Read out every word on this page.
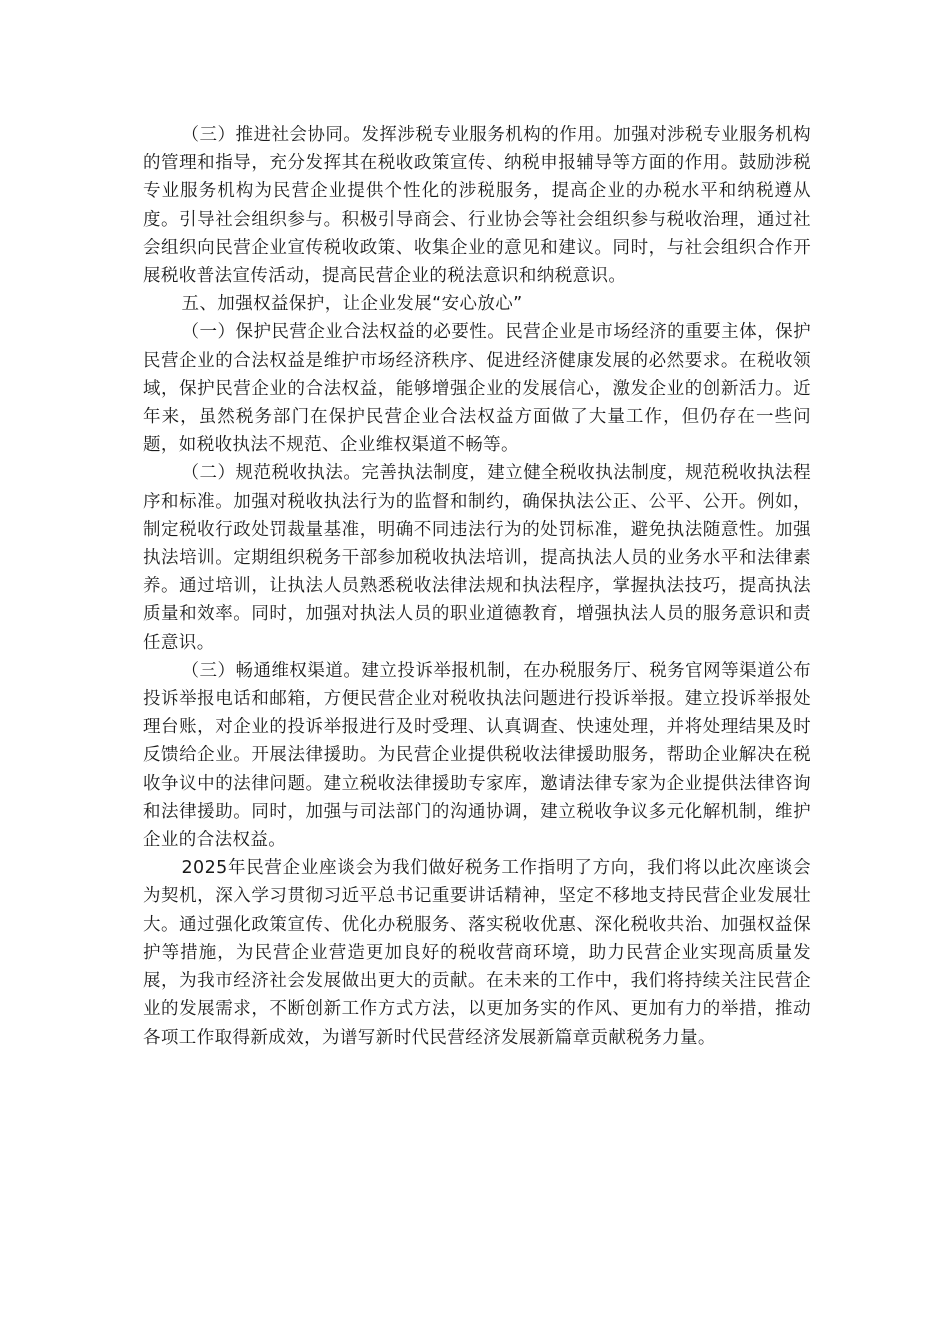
（三）推进社会协同。发挥涉税专业服务机构的作用。加强对涉税专业服务机构的管理和指导，充分发挥其在税收政策宣传、纳税申报辅导等方面的作用。鼓励涉税专业服务机构为民营企业提供个性化的涉税服务，提高企业的办税水平和纳税遵从度。引导社会组织参与。积极引导商会、行业协会等社会组织参与税收治理，通过社会组织向民营企业宣传税收政策、收集企业的意见和建议。同时，与社会组织合作开展税收普法宣传活动，提高民营企业的税法意识和纳税意识。

五、加强权益保护，让企业发展“安心放心”

（一）保护民营企业合法权益的必要性。民营企业是市场经济的重要主体，保护民营企业的合法权益是维护市场经济秩序、促进经济健康发展的必然要求。在税收领域，保护民营企业的合法权益，能够增强企业的发展信心，激发企业的创新活力。近年来，虽然税务部门在保护民营企业合法权益方面做了大量工作，但仍存在一些问题，如税收执法不规范、企业维权渠道不畅等。

（二）规范税收执法。完善执法制度，建立健全税收执法制度，规范税收执法程序和标准。加强对税收执法行为的监督和制约，确保执法公正、公平、公开。例如，制定税收行政处罚裁量基准，明确不同违法行为的处罚标准，避免执法随意性。加强执法培训。定期组织税务干部参加税收执法培训，提高执法人员的业务水平和法律素养。通过培训，让执法人员熟悉税收法律法规和执法程序，掌握执法技巧，提高执法质量和效率。同时，加强对执法人员的职业道德教育，增强执法人员的服务意识和责任意识。

（三）畅通维权渠道。建立投诉举报机制，在办税服务厅、税务官网等渠道公布投诉举报电话和邮箱，方便民营企业对税收执法问题进行投诉举报。建立投诉举报处理台账，对企业的投诉举报进行及时受理、认真调查、快速处理，并将处理结果及时反馈给企业。开展法律援助。为民营企业提供税收法律援助服务，帮助企业解决在税收争议中的法律问题。建立税收法律援助专家库，邀请法律专家为企业提供法律咨询和法律援助。同时，加强与司法部门的沟通协调，建立税收争议多元化解机制，维护企业的合法权益。

2025年民营企业座谈会为我们做好税务工作指明了方向，我们将以此次座谈会为契机，深入学习贯彻习近平总书记重要讲话精神，坚定不移地支持民营企业发展壮大。通过强化政策宣传、优化办税服务、落实税收优惠、深化税收共治、加强权益保护等措施，为民营企业营造更加良好的税收营商环境，助力民营企业实现高质量发展，为我市经济社会发展做出更大的贡献。在未来的工作中，我们将持续关注民营企业的发展需求，不断创新工作方式方法，以更加务实的作风、更加有力的举措，推动各项工作取得新成效，为谱写新时代民营经济发展新篇章贡献税务力量。
